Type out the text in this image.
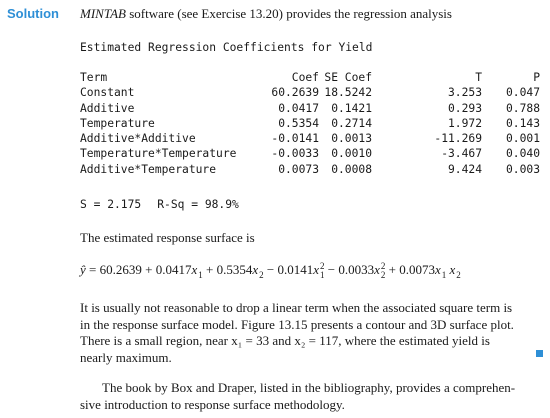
Solution MINTAB software (see Exercise 13.20) provides the regression analysis
Estimated Regression Coefficients for Yield
Term	Coef	SE Coef	T	P
Constant	60.2639	18.5242	3.253	0.047
Additive	0.0417	0.1421	0.293	0.788
Temperature	0.5354	0.2714	1.972	0.143
Additive*Additive	-0.0141	0.0013	-11.269	0.001
Temperature*Temperature	-0.0033	0.0010	-3.467	0.040
Additive*Temperature	0.0073	0.0008	9.424	0.003
S = 2.175 R-Sq = 98.9%
The estimated response surface is
ŷ = 60.2639 + 0.0417x 1 + 0.5354x 2 − 0.0141x 2
1 − 0.0033x 2
2 + 0.0073x 1 x 2
It is usually not reasonable to drop a linear term when the associated square term is
in the response surface model. Figure 13.15 presents a contour and 3D surface plot.
There is a small region, near x₁ = 33 and x₂ = 117, where the estimated yield is
nearly maximum.
The book by Box and Draper, listed in the bibliography, provides a comprehen-
sive introduction to response surface methodology.
